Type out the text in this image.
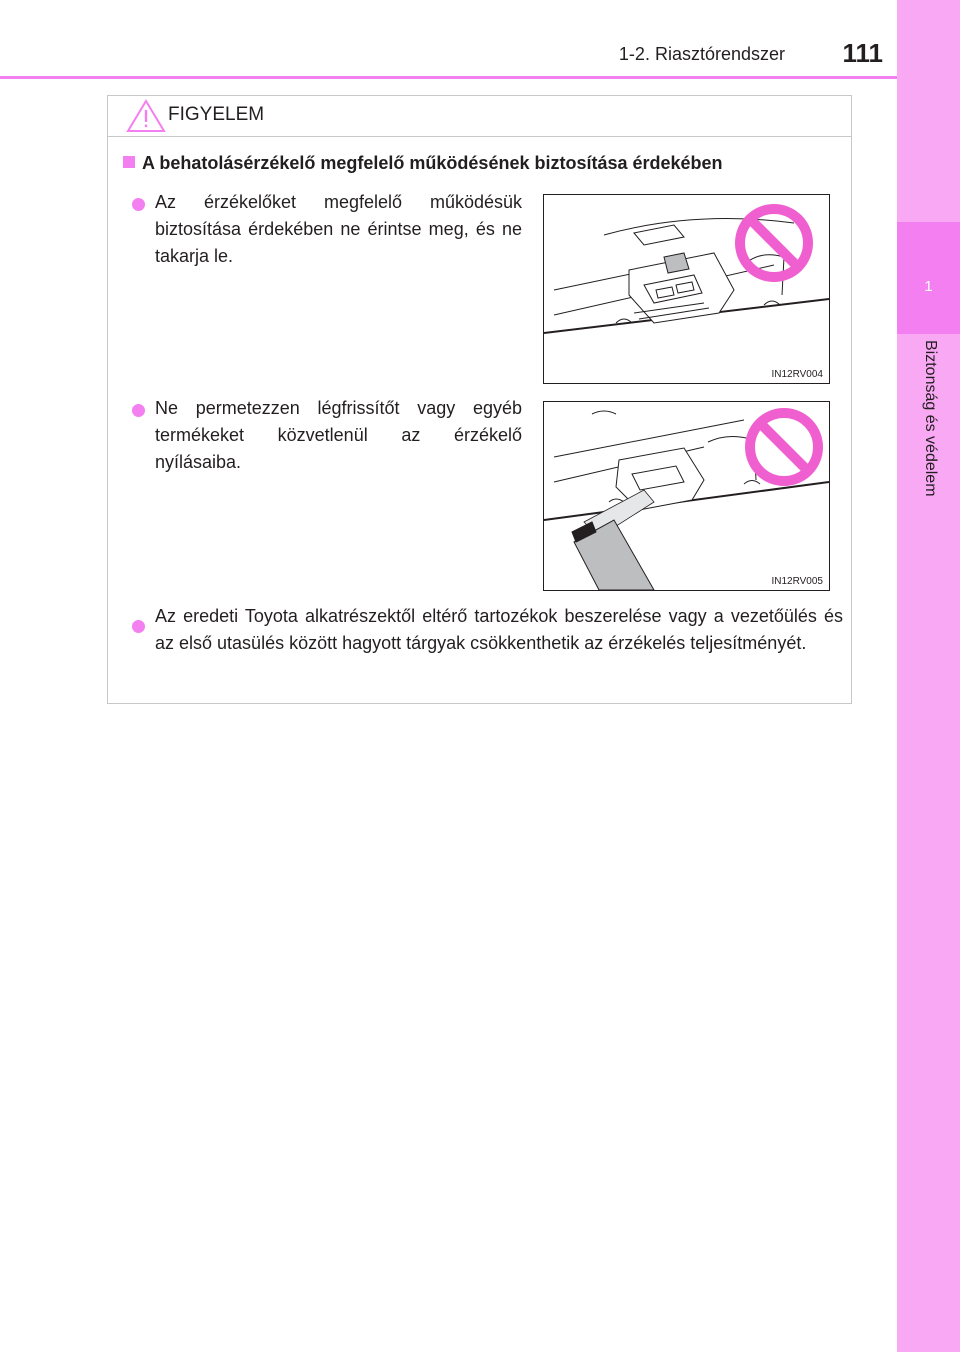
1
Biztonság és védelem
1-2. Riasztórendszer	111
FIGYELEM
A behatolásérzékelő megfelelő működésének biztosítása érdekében
Az érzékelőket megfelelő működésük biztosítása érdekében ne érintse meg, és ne takarja le.
IN12RV004
Ne permetezzen légfrissítőt vagy egyéb termékeket közvetlenül az érzékelő nyílásaiba.
IN12RV005
Az eredeti Toyota alkatrészektől eltérő tartozékok beszerelése vagy a vezetőülés és az első utasülés között hagyott tárgyak csökkenthetik az érzékelés teljesítményét.
